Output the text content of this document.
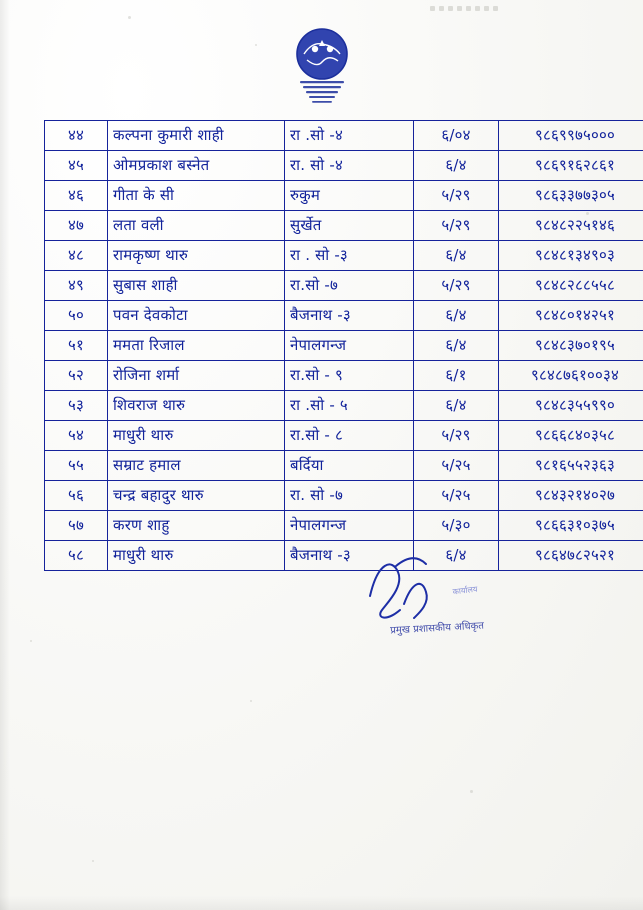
४४	कल्पना कुमारी शाही	रा .सो -४	६/०४	९८६९९७५०००
४५	ओमप्रकाश बस्नेत	रा. सो -४	६/४	९८६९१६२८६१
४६	गीता के सी	रुकुम	५/२९	९८६३३७७३०५
४७	लता वली	सुर्खेत	५/२९	९८४८२२५१४६
४८	रामकृष्ण थारु	रा . सो -३	६/४	९८४८१३४९०३
४९	सुबास शाही	रा.सो -७	५/२९	९८४८२८८५५८
५०	पवन देवकोटा	बैजनाथ -३	६/४	९८४८०१४२५१
५१	ममता रिजाल	नेपालगन्ज	६/४	९८४८३७०१९५
५२	रोजिना शर्मा	रा.सो - ९	६/१	९८४८७६१००३४
५३	शिवराज थारु	रा .सो - ५	६/४	९८४८३५५९९०
५४	माधुरी थारु	रा.सो - ८	५/२९	९८६६८४०३५८
५५	सम्राट हमाल	बर्दिया	५/२५	९८१६५५२३६३
५६	चन्द्र बहादुर थारु	रा. सो -७	५/२५	९८४३२१४०२७
५७	करण शाहु	नेपालगन्ज	५/३०	९८६६३१०३७५
५८	माधुरी थारु	बैजनाथ -३	६/४	९८६४७८२५२१
कार्यालय
प्रमुख प्रशासकीय अधिकृत
